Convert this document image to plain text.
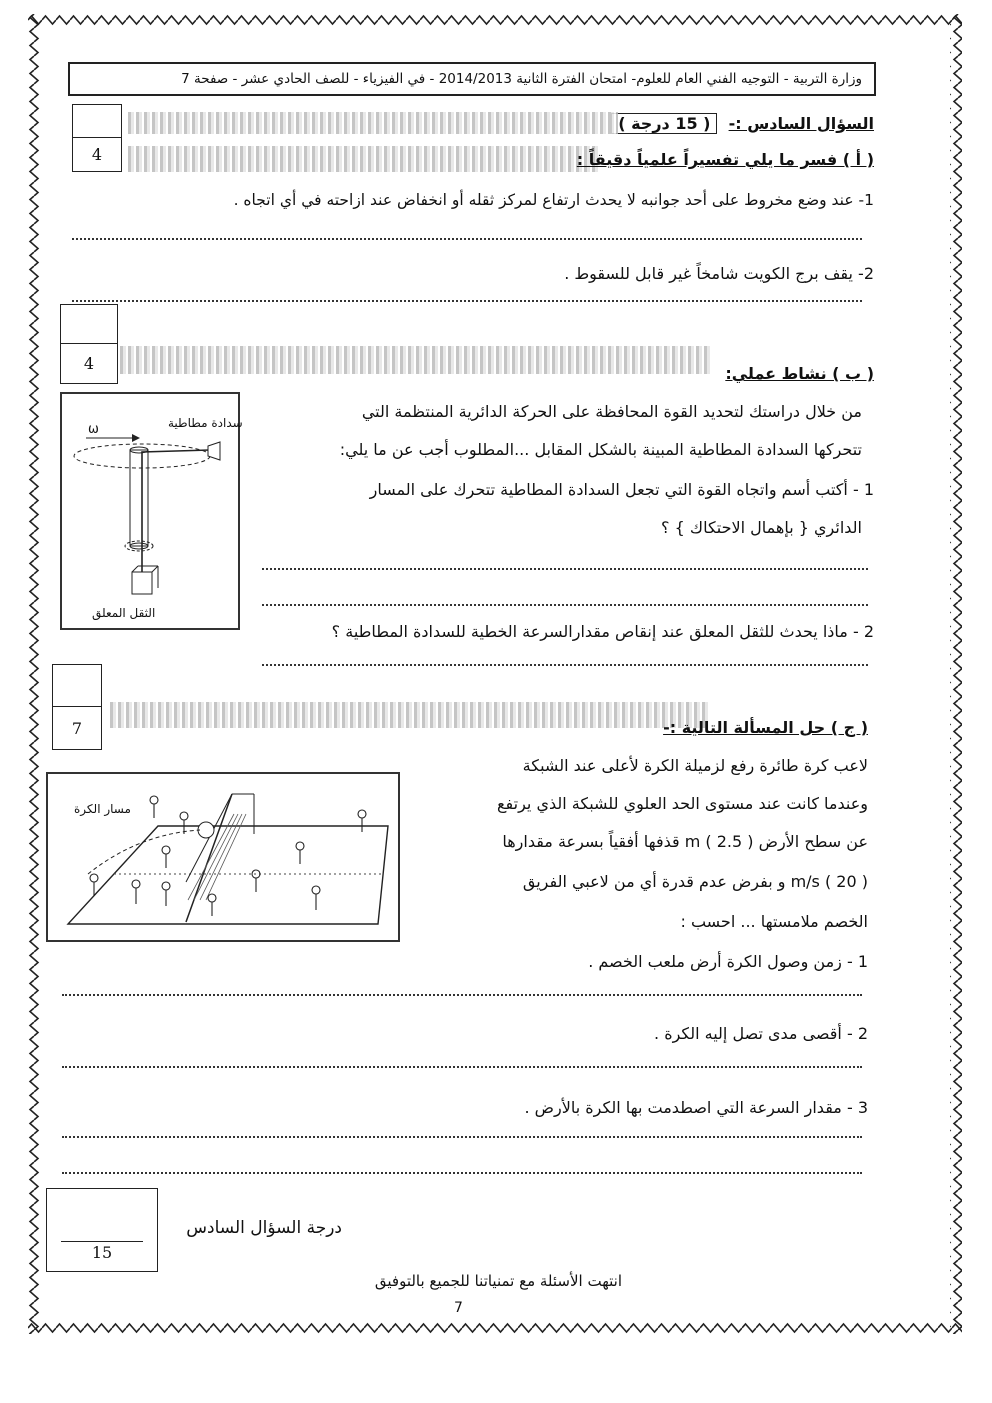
وزارة التربية - التوجيه الفني العام للعلوم- امتحان الفترة الثانية 2014/2013 - في الفيزياء - للصف الحادي عشر - صفحة 7
4
السؤال السادس :- ( 15 درجة )
( أ ) فسر ما يلي تفسيراً علمياً دقيقاً :
1- عند وضع مخروط على أحد جوانبه لا يحدث ارتفاع لمركز ثقله أو انخفاض عند ازاحته في أي اتجاه .
2- يقف برج الكويت شامخاً غير قابل للسقوط .
4
( ب ) نشاط عملي:
من خلال دراستك لتحديد القوة المحافظة على الحركة الدائرية المنتظمة التي
تتحركها السدادة المطاطية المبينة بالشكل المقابل ...المطلوب أجب عن ما يلي:
1 - أكتب أسم واتجاه القوة التي تجعل السدادة المطاطية تتحرك على المسار
الدائري { بإهمال الاحتكاك } ؟
2 - ماذا يحدث للثقل المعلق عند إنقاص مقدارالسرعة الخطية للسدادة المطاطية ؟
سدادة مطاطية
ω
الثقل المعلق
7	( ج ) حل المسألة التالية :-
لاعب كرة طائرة رفع لزميلة الكرة لأعلى عند الشبكة
وعندما كانت عند مستوى الحد العلوي للشبكة الذي يرتفع
عن سطح الأرض m ( 2.5 ) قذفها أفقياً بسرعة مقدارها
m/s ( 20 ) و بفرض عدم قدرة أي من لاعبي الفريق
الخصم ملامستها ... احسب :
1 - زمن وصول الكرة أرض ملعب الخصم .
2 - أقصى مدى تصل إليه الكرة .
3 - مقدار السرعة التي اصطدمت بها الكرة بالأرض .
مسار الكرة
15
درجة السؤال السادس
انتهت الأسئلة مع تمنياتنا للجميع بالتوفيق
7
